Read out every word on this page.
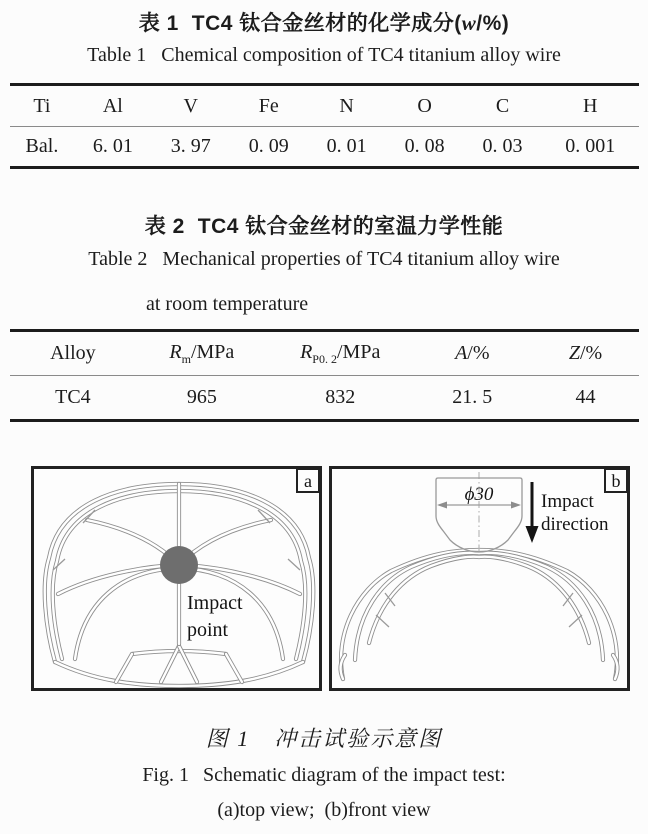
表 1 TC4 钛合金丝材的化学成分(w/%)
Table 1 Chemical composition of TC4 titanium alloy wire
Ti	Al	V	Fe	N	O	C	H
Bal.	6. 01	3. 97	0. 09	0. 01	0. 08	0. 03	0. 001
表 2 TC4 钛合金丝材的室温力学性能
Table 2 Mechanical properties of TC4 titanium alloy wire
at room temperature
Alloy	$R_m$/MPa	$R_{P0. 2}$/MPa	A/%	Z/%
TC4	965	832	21. 5	44
Impact
point
a
ϕ30	Impact
direction
b
图 1　冲击试验示意图
Fig. 1 Schematic diagram of the impact test:
(a)top view;  (b)front view
